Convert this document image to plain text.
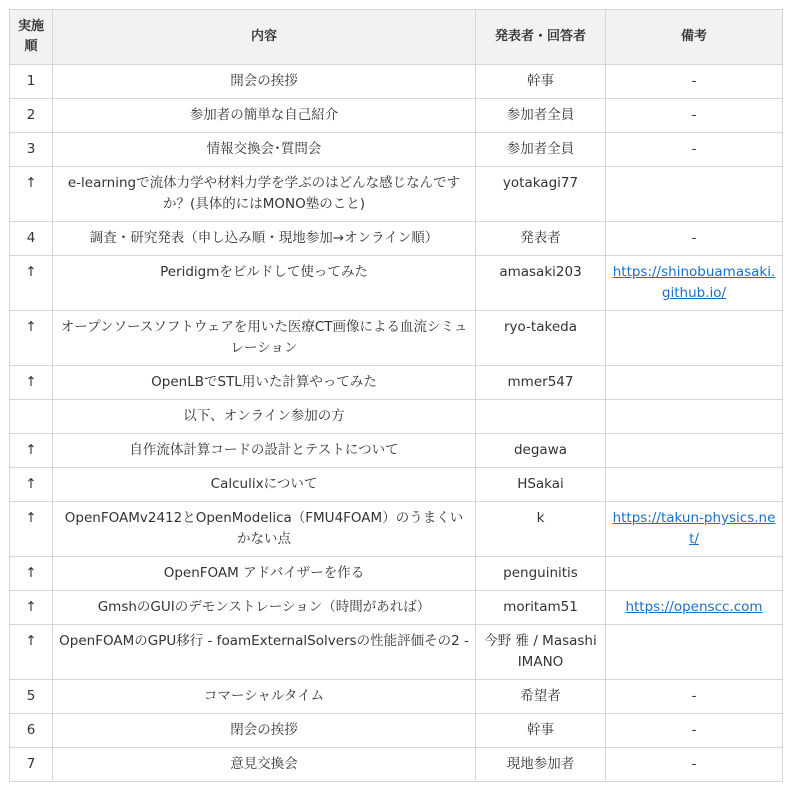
実施
順	内容	発表者・回答者	備考
1	開会の挨拶	幹事	-
2	参加者の簡単な自己紹介	参加者全員	-
3	情報交換会･質問会	参加者全員	-
↑	e-learningで流体力学や材料力学を学ぶのはどんな感じなんですか？(具体的にはMONO塾のこと)	yotakagi77	
4	調査・研究発表（申し込み順・現地参加→オンライン順）	発表者	-
↑	Peridigmをビルドして使ってみた	amasaki203	https://shinobuamasaki.github.io/
↑	オープンソースソフトウェアを用いた医療CT画像による血流シミュレーション	ryo-takeda	
↑	OpenLBでSTL用いた計算やってみた	mmer547	
	以下、オンライン参加の方		
↑	自作流体計算コードの設計とテストについて	degawa	
↑	Calculixについて	HSakai	
↑	OpenFOAMv2412とOpenModelica（FMU4FOAM）のうまくいかない点	k	https://takun-physics.net/
↑	OpenFOAM アドバイザーを作る	penguinitis	
↑	GmshのGUIのデモンストレーション（時間があれば）	moritam51	https://openscc.com
↑	OpenFOAMのGPU移行 - foamExternalSolversの性能評価その2 -	今野 雅 / Masashi IMANO	
5	コマーシャルタイム	希望者	-
6	閉会の挨拶	幹事	-
7	意見交換会	現地参加者	-
